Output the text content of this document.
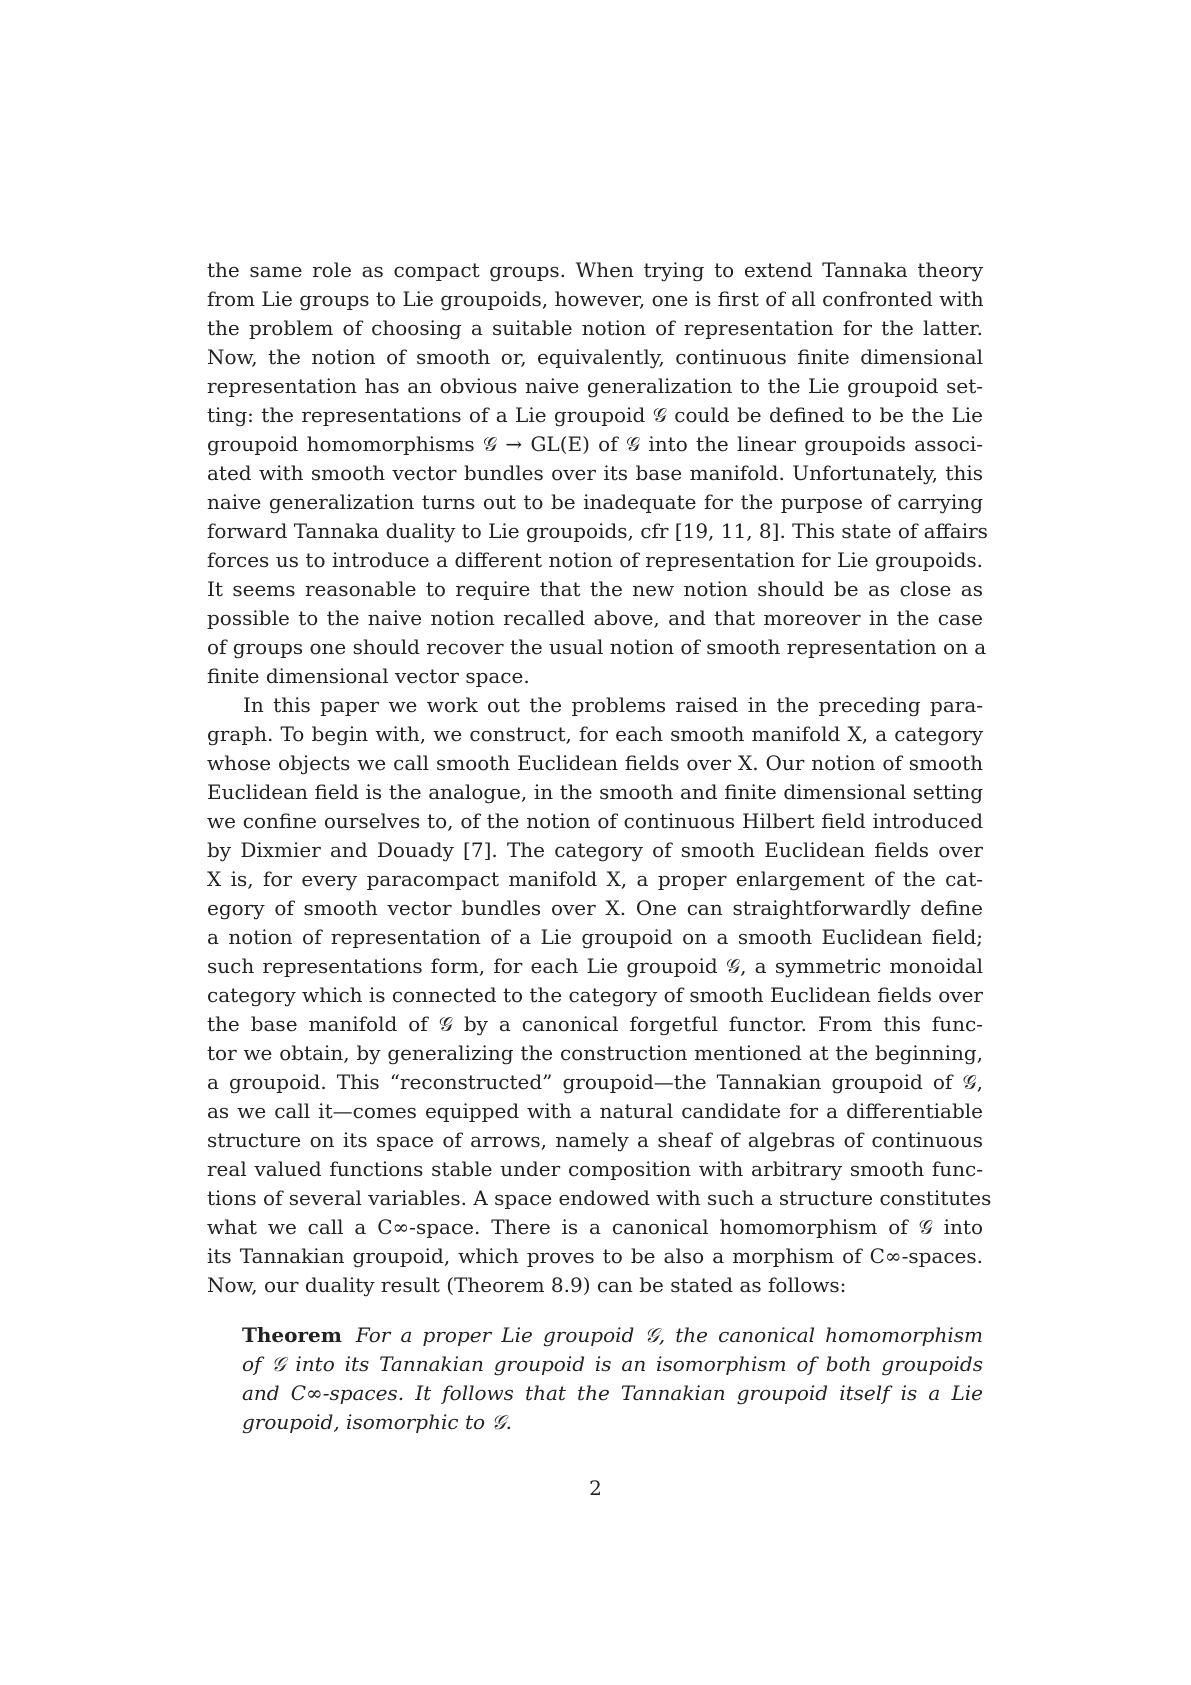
the same role as compact groups. When trying to extend Tannaka theory
from Lie groups to Lie groupoids, however, one is first of all confronted with
the problem of choosing a suitable notion of representation for the latter.
Now, the notion of smooth or, equivalently, continuous finite dimensional
representation has an obvious naive generalization to the Lie groupoid set-
ting: the representations of a Lie groupoid 𝒢 could be defined to be the Lie
groupoid homomorphisms 𝒢 → GL(E) of 𝒢 into the linear groupoids associ-
ated with smooth vector bundles over its base manifold. Unfortunately, this
naive generalization turns out to be inadequate for the purpose of carrying
forward Tannaka duality to Lie groupoids, cfr [19, 11, 8]. This state of affairs
forces us to introduce a different notion of representation for Lie groupoids.
It seems reasonable to require that the new notion should be as close as
possible to the naive notion recalled above, and that moreover in the case
of groups one should recover the usual notion of smooth representation on a
finite dimensional vector space.
In this paper we work out the problems raised in the preceding para-
graph. To begin with, we construct, for each smooth manifold X, a category
whose objects we call smooth Euclidean fields over X. Our notion of smooth
Euclidean field is the analogue, in the smooth and finite dimensional setting
we confine ourselves to, of the notion of continuous Hilbert field introduced
by Dixmier and Douady [7]. The category of smooth Euclidean fields over
X is, for every paracompact manifold X, a proper enlargement of the cat-
egory of smooth vector bundles over X. One can straightforwardly define
a notion of representation of a Lie groupoid on a smooth Euclidean field;
such representations form, for each Lie groupoid 𝒢, a symmetric monoidal
category which is connected to the category of smooth Euclidean fields over
the base manifold of 𝒢 by a canonical forgetful functor. From this func-
tor we obtain, by generalizing the construction mentioned at the beginning,
a groupoid. This “reconstructed” groupoid—the Tannakian groupoid of 𝒢,
as we call it—comes equipped with a natural candidate for a differentiable
structure on its space of arrows, namely a sheaf of algebras of continuous
real valued functions stable under composition with arbitrary smooth func-
tions of several variables. A space endowed with such a structure constitutes
what we call a C∞-space. There is a canonical homomorphism of 𝒢 into
its Tannakian groupoid, which proves to be also a morphism of C∞-spaces.
Now, our duality result (Theorem 8.9) can be stated as follows:
Theorem For a proper Lie groupoid 𝒢, the canonical homomorphism
of 𝒢 into its Tannakian groupoid is an isomorphism of both groupoids
and C∞-spaces. It follows that the Tannakian groupoid itself is a Lie
groupoid, isomorphic to 𝒢.
2
